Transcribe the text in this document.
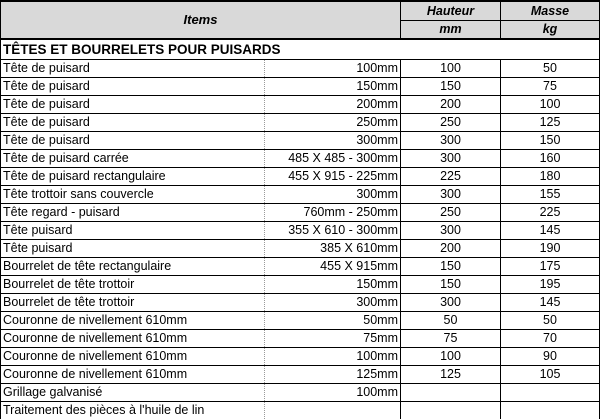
Items		Hauteur	Masse
		mm	kg
TÊTES ET BOURRELETS POUR PUISARDS			
Tête de puisard	100mm	100	50
Tête de puisard	150mm	150	75
Tête de puisard	200mm	200	100
Tête de puisard	250mm	250	125
Tête de puisard	300mm	300	150
Tête de puisard carrée	485 X 485 - 300mm	300	160
Tête de puisard rectangulaire	455 X 915 - 225mm	225	180
Tête trottoir sans couvercle	300mm	300	155
Tête regard - puisard	760mm - 250mm	250	225
Tête puisard	355 X 610 - 300mm	300	145
Tête puisard	385 X 610mm	200	190
Bourrelet de tête rectangulaire	455 X 915mm	150	175
Bourrelet de tête trottoir	150mm	150	195
Bourrelet de tête trottoir	300mm	300	145
Couronne de nivellement 610mm	50mm	50	50
Couronne de nivellement 610mm	75mm	75	70
Couronne de nivellement 610mm	100mm	100	90
Couronne de nivellement 610mm	125mm	125	105
Grillage galvanisé	100mm		
Traitement des pièces à l'huile de lin			
